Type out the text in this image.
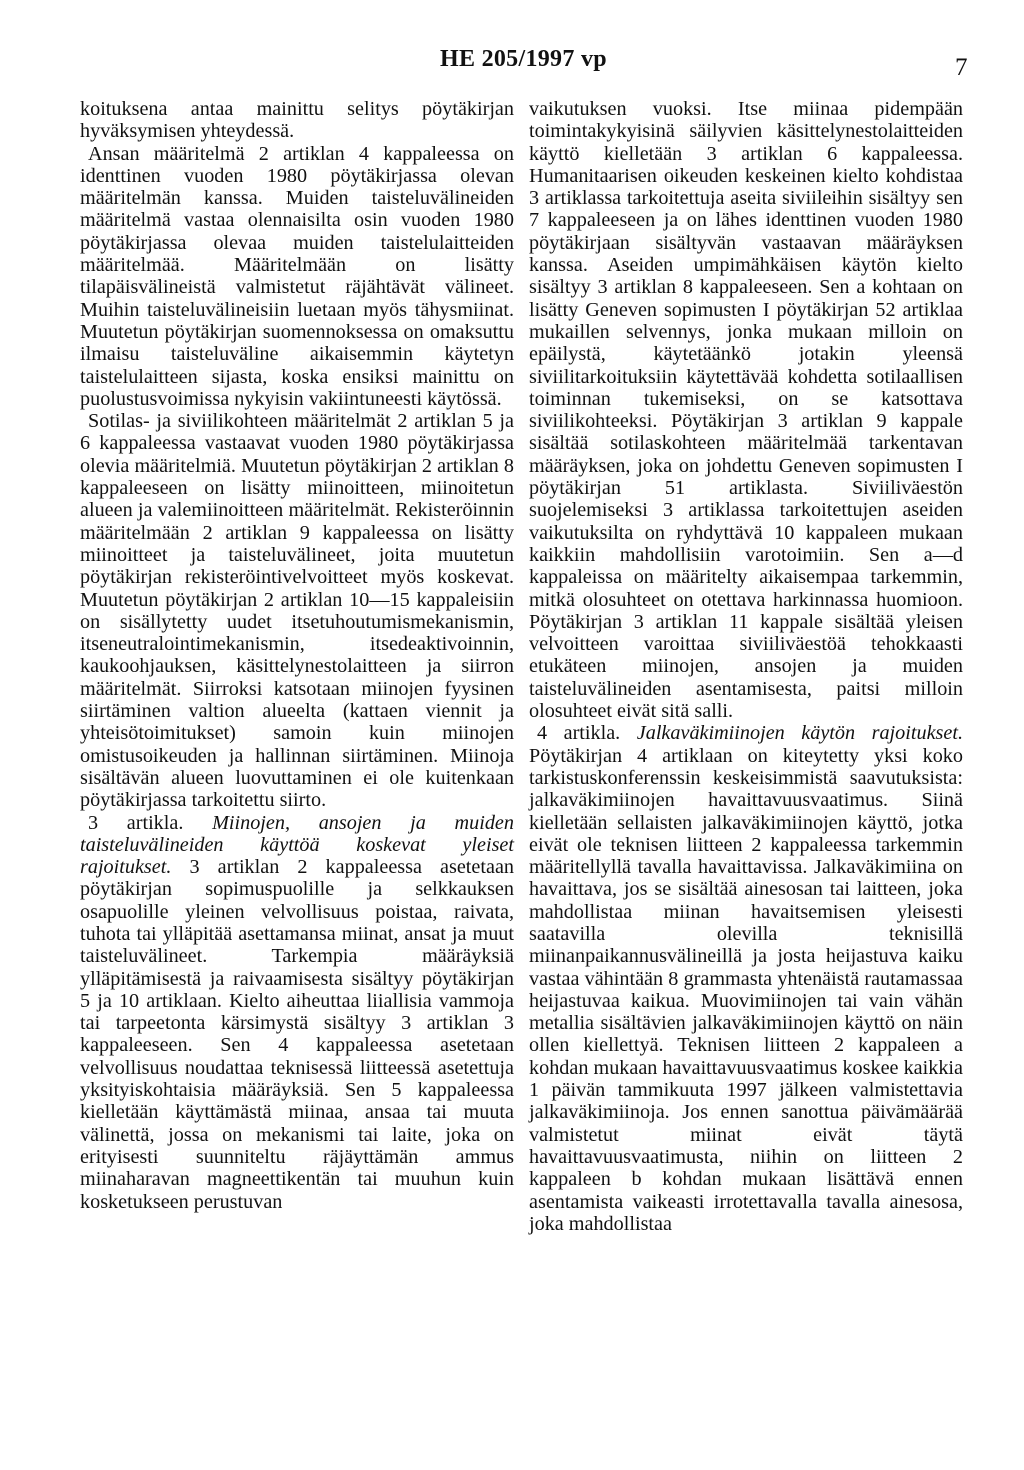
HE 205/1997 vp	7

koituksena antaa mainittu selitys pöytäkirjan hyväksymisen yhteydessä.

Ansan määritelmä 2 artiklan 4 kappaleessa on identtinen vuoden 1980 pöytäkirjassa olevan määritelmän kanssa. Muiden taisteluvälineiden määritelmä vastaa olennaisilta osin vuoden 1980 pöytäkirjassa olevaa muiden taistelulaitteiden määritelmää. Määritelmään on lisätty tilapäisvälineistä valmistetut räjähtävät välineet. Muihin taisteluvälineisiin luetaan myös tähysmiinat. Muutetun pöytäkirjan suomennoksessa on omaksuttu ilmaisu taisteluväline aikaisemmin käytetyn taistelulaitteen sijasta, koska ensiksi mainittu on puolustusvoimissa nykyisin vakiintuneesti käytössä.

Sotilas- ja siviilikohteen määritelmät 2 artiklan 5 ja 6 kappaleessa vastaavat vuoden 1980 pöytäkirjassa olevia määritelmiä. Muutetun pöytäkirjan 2 artiklan 8 kappaleeseen on lisätty miinoitteen, miinoitetun alueen ja valemiinoitteen määritelmät. Rekisteröinnin määritelmään 2 artiklan 9 kappaleessa on lisätty miinoitteet ja taisteluvälineet, joita muutetun pöytäkirjan rekisteröintivelvoitteet myös koskevat. Muutetun pöytäkirjan 2 artiklan 10—15 kappaleisiin on sisällytetty uudet itsetuhoutumismekanismin, itseneutralointimekanismin, itsedeaktivoinnin, kaukoohjauksen, käsittelynestolaitteen ja siirron määritelmät. Siirroksi katsotaan miinojen fyysinen siirtäminen valtion alueelta (kattaen viennit ja yhteisötoimitukset) samoin kuin miinojen omistusoikeuden ja hallinnan siirtäminen. Miinoja sisältävän alueen luovuttaminen ei ole kuitenkaan pöytäkirjassa tarkoitettu siirto.

3 artikla. Miinojen, ansojen ja muiden taisteluvälineiden käyttöä koskevat yleiset rajoitukset. 3 artiklan 2 kappaleessa asetetaan pöytäkirjan sopimuspuolille ja selkkauksen osapuolille yleinen velvollisuus poistaa, raivata, tuhota tai ylläpitää asettamansa miinat, ansat ja muut taisteluvälineet. Tarkempia määräyksiä ylläpitämisestä ja raivaamisesta sisältyy pöytäkirjan 5 ja 10 artiklaan. Kielto aiheuttaa liiallisia vammoja tai tarpeetonta kärsimystä sisältyy 3 artiklan 3 kappaleeseen. Sen 4 kappaleessa asetetaan velvollisuus noudattaa teknisessä liitteessä asetettuja yksityiskohtaisia määräyksiä. Sen 5 kappaleessa kielletään käyttämästä miinaa, ansaa tai muuta välinettä, jossa on mekanismi tai laite, joka on erityisesti suunniteltu räjäyttämän ammus miinaharavan magneettikentän tai muuhun kuin kosketukseen perustuvan

vaikutuksen vuoksi. Itse miinaa pidempään toimintakykyisinä säilyvien käsittelynestolaitteiden käyttö kielletään 3 artiklan 6 kappaleessa. Humanitaarisen oikeuden keskeinen kielto kohdistaa 3 artiklassa tarkoitettuja aseita siviileihin sisältyy sen 7 kappaleeseen ja on lähes identtinen vuoden 1980 pöytäkirjaan sisältyvän vastaavan määräyksen kanssa. Aseiden umpimähkäisen käytön kielto sisältyy 3 artiklan 8 kappaleeseen. Sen a kohtaan on lisätty Geneven sopimusten I pöytäkirjan 52 artiklaa mukaillen selvennys, jonka mukaan milloin on epäilystä, käytetäänkö jotakin yleensä siviilitarkoituksiin käytettävää kohdetta sotilaallisen toiminnan tukemiseksi, on se katsottava siviilikohteeksi. Pöytäkirjan 3 artiklan 9 kappale sisältää sotilaskohteen määritelmää tarkentavan määräyksen, joka on johdettu Geneven sopimusten I pöytäkirjan 51 artiklasta. Siviiliväestön suojelemiseksi 3 artiklassa tarkoitettujen aseiden vaikutuksilta on ryhdyttävä 10 kappaleen mukaan kaikkiin mahdollisiin varotoimiin. Sen a—d kappaleissa on määritelty aikaisempaa tarkemmin, mitkä olosuhteet on otettava harkinnassa huomioon. Pöytäkirjan 3 artiklan 11 kappale sisältää yleisen velvoitteen varoittaa siviiliväestöä tehokkaasti etukäteen miinojen, ansojen ja muiden taisteluvälineiden asentamisesta, paitsi milloin olosuhteet eivät sitä salli.

4 artikla. Jalkaväkimiinojen käytön rajoitukset. Pöytäkirjan 4 artiklaan on kiteytetty yksi koko tarkistuskonferenssin keskeisimmistä saavutuksista: jalkaväkimiinojen havaittavuusvaatimus. Siinä kielletään sellaisten jalkaväkimiinojen käyttö, jotka eivät ole teknisen liitteen 2 kappaleessa tarkemmin määritellyllä tavalla havaittavissa. Jalkaväkimiina on havaittava, jos se sisältää ainesosan tai laitteen, joka mahdollistaa miinan havaitsemisen yleisesti saatavilla olevilla teknisillä miinanpaikannusvälineillä ja josta heijastuva kaiku vastaa vähintään 8 grammasta yhtenäistä rautamassaa heijastuvaa kaikua. Muovimiinojen tai vain vähän metallia sisältävien jalkaväkimiinojen käyttö on näin ollen kiellettyä. Teknisen liitteen 2 kappaleen a kohdan mukaan havaittavuusvaatimus koskee kaikkia 1 päivän tammikuuta 1997 jälkeen valmistettavia jalkaväkimiinoja. Jos ennen sanottua päivämäärää valmistetut miinat eivät täytä havaittavuusvaatimusta, niihin on liitteen 2 kappaleen b kohdan mukaan lisättävä ennen asentamista vaikeasti irrotettavalla tavalla ainesosa, joka mahdollistaa
